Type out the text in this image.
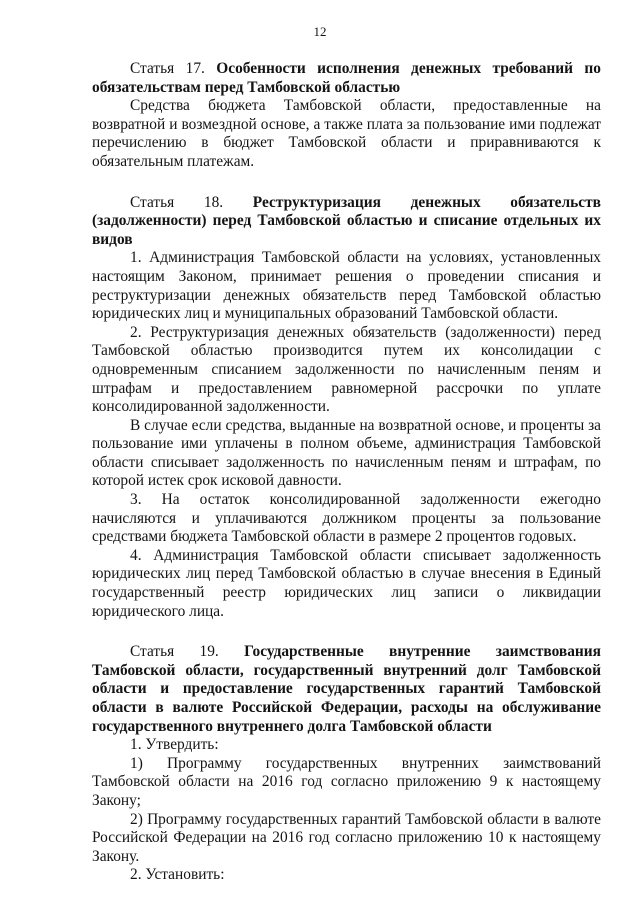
12

Статья 17. Особенности исполнения денежных требований по обязательствам перед Тамбовской областью

Средства бюджета Тамбовской области, предоставленные на возвратной и возмездной основе, а также плата за пользование ими подлежат перечислению в бюджет Тамбовской области и приравниваются к обязательным платежам.

Статья 18. Реструктуризация денежных обязательств (задолженности) перед Тамбовской областью и списание отдельных их видов

1. Администрация Тамбовской области на условиях, установленных настоящим Законом, принимает решения о проведении списания и реструктуризации денежных обязательств перед Тамбовской областью юридических лиц и муниципальных образований Тамбовской области.

2. Реструктуризация денежных обязательств (задолженности) перед Тамбовской областью производится путем их консолидации с одновременным списанием задолженности по начисленным пеням и штрафам и предоставлением равномерной рассрочки по уплате консолидированной задолженности.

В случае если средства, выданные на возвратной основе, и проценты за пользование ими уплачены в полном объеме, администрация Тамбовской области списывает задолженность по начисленным пеням и штрафам, по которой истек срок исковой давности.

3. На остаток консолидированной задолженности ежегодно начисляются и уплачиваются должником проценты за пользование средствами бюджета Тамбовской области в размере 2 процентов годовых.

4. Администрация Тамбовской области списывает задолженность юридических лиц перед Тамбовской областью в случае внесения в Единый государственный реестр юридических лиц записи о ликвидации юридического лица.

Статья 19. Государственные внутренние заимствования Тамбовской области, государственный внутренний долг Тамбовской области и предоставление государственных гарантий Тамбовской области в валюте Российской Федерации, расходы на обслуживание государственного внутреннего долга Тамбовской области

1. Утвердить:

1) Программу государственных внутренних заимствований Тамбовской области на 2016 год согласно приложению 9 к настоящему Закону;

2) Программу государственных гарантий Тамбовской области в валюте Российской Федерации на 2016 год согласно приложению 10 к настоящему Закону.

2. Установить:
